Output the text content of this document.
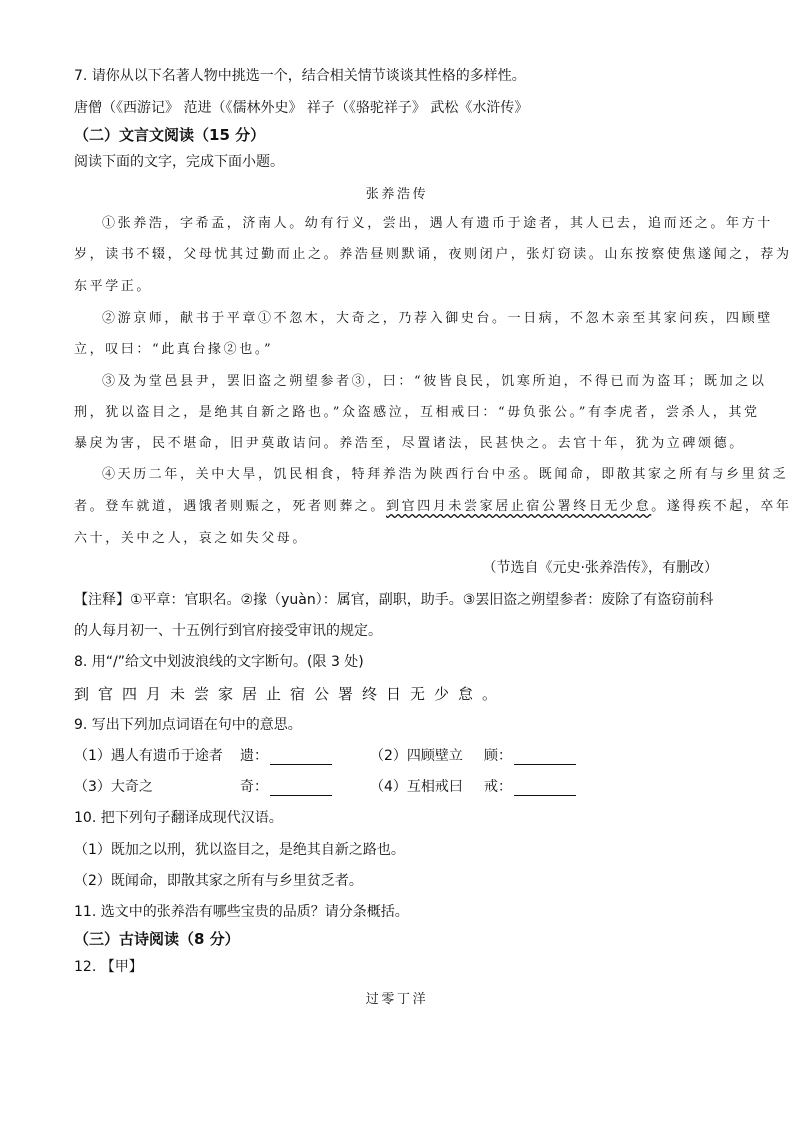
7. 请你从以下名著人物中挑选一个，结合相关情节谈谈其性格的多样性。
唐僧（《西游记》 范进（《儒林外史》 祥子（《骆驼祥子》 武松《水浒传》
（二）文言文阅读（15 分）
阅读下面的文字，完成下面小题。
张养浩传
①张养浩，字希孟，济南人。幼有行义，尝出，遇人有遗币于途者，其人已去，追而还之。年方十
岁，读书不辍，父母忧其过勤而止之。养浩昼则默诵，夜则闭户，张灯窃读。山东按察使焦遂闻之，荐为
东平学正。
②游京师，献书于平章①不忽木，大奇之，乃荐入御史台。一日病，不忽木亲至其家问疾，四顾壁
立，叹曰：“此真台掾②也。”
③及为堂邑县尹，罢旧盗之朔望参者③，曰：“彼皆良民，饥寒所迫，不得已而为盗耳；既加之以
刑，犹以盗目之，是绝其自新之路也。”众盗感泣，互相戒曰：“毋负张公。”有李虎者，尝杀人，其党
暴戾为害，民不堪命，旧尹莫敢诘问。养浩至，尽置诸法，民甚快之。去官十年，犹为立碑颂德。
④天历二年，关中大旱，饥民相食，特拜养浩为陕西行台中丞。既闻命，即散其家之所有与乡里贫乏
者。登车就道，遇饿者则赈之，死者则葬之。到官四月未尝家居止宿公署终日无少怠。遂得疾不起，卒年
六十，关中之人，哀之如失父母。
（节选自《元史·张养浩传》，有删改）
【注释】①平章：官职名。②掾（yuàn）：属官，副职，助手。③罢旧盗之朔望参者：废除了有盗窃前科
的人每月初一、十五例行到官府接受审讯的规定。
8. 用“/”给文中划波浪线的文字断句。(限 3 处)
到官四月未尝家居止宿公署终日无少怠。
9. 写出下列加点词语在句中的意思。
（1）遇人有遗币于途者 遗：	（2）四顾壁立 顾：
（3）大奇之	奇：	（4）互相戒曰 戒：
10. 把下列句子翻译成现代汉语。
（1）既加之以刑，犹以盗目之，是绝其自新之路也。
（2）既闻命，即散其家之所有与乡里贫乏者。
11. 选文中的张养浩有哪些宝贵的品质？请分条概括。
（三）古诗阅读（8 分）
12. 【甲】
过零丁洋
